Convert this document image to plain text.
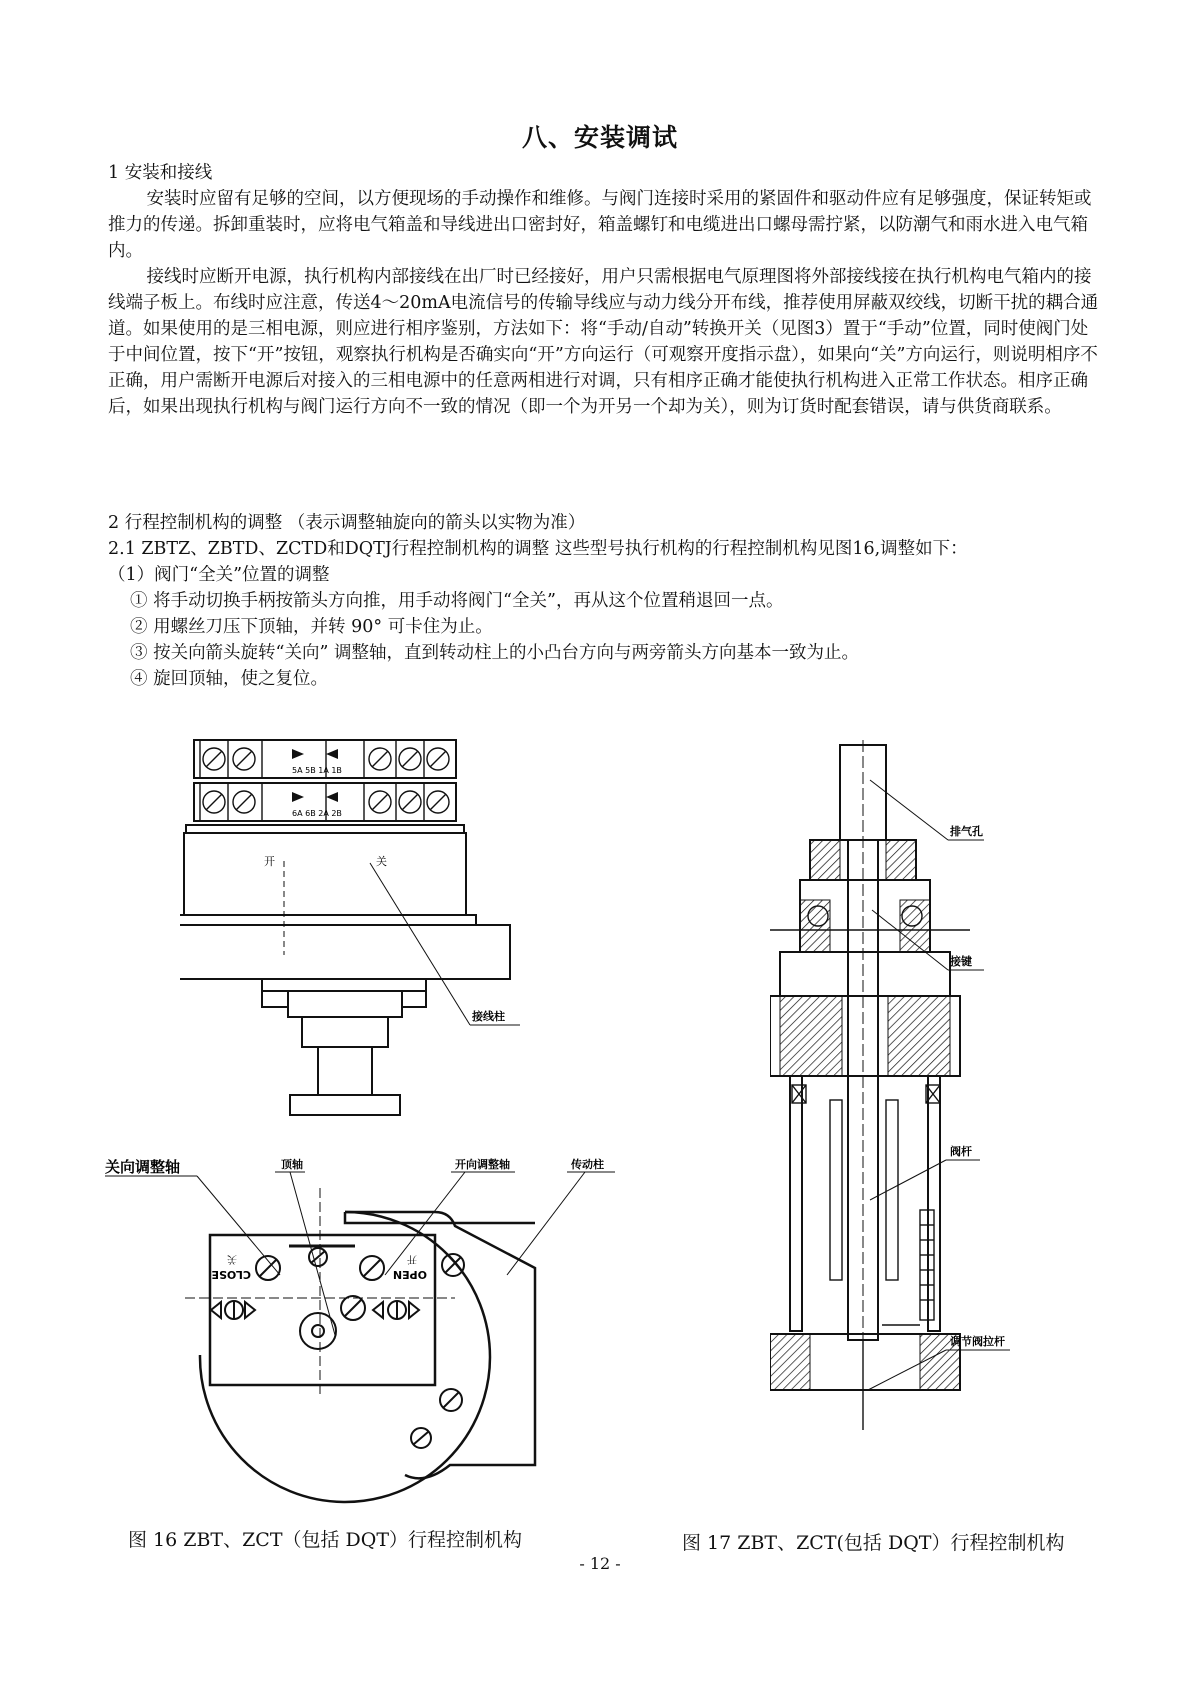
八、安装调试

1 安装和接线

安装时应留有足够的空间，以方便现场的手动操作和维修。与阀门连接时采用的紧固件和驱动件应有足够强度，保证转矩或推力的传递。拆卸重装时，应将电气箱盖和导线进出口密封好，箱盖螺钉和电缆进出口螺母需拧紧，以防潮气和雨水进入电气箱内。

接线时应断开电源，执行机构内部接线在出厂时已经接好，用户只需根据电气原理图将外部接线接在执行机构电气箱内的接线端子板上。布线时应注意，传送4～20mA电流信号的传输导线应与动力线分开布线，推荐使用屏蔽双绞线，切断干扰的耦合通道。如果使用的是三相电源，则应进行相序鉴别，方法如下：将“手动/自动”转换开关（见图3）置于“手动”位置，同时使阀门处于中间位置，按下“开”按钮，观察执行机构是否确实向“开”方向运行（可观察开度指示盘），如果向“关”方向运行，则说明相序不正确，用户需断开电源后对接入的三相电源中的任意两相进行对调，只有相序正确才能使执行机构进入正常工作状态。相序正确后，如果出现执行机构与阀门运行方向不一致的情况（即一个为开另一个却为关），则为订货时配套错误，请与供货商联系。

2 行程控制机构的调整 （表示调整轴旋向的箭头以实物为准）

2.1 ZBTZ、ZBTD、ZCTD和DQTJ行程控制机构的调整 这些型号执行机构的行程控制机构见图16,调整如下：

（1）阀门“全关”位置的调整

① 将手动切换手柄按箭头方向推，用手动将阀门“全关”，再从这个位置稍退回一点。

② 用螺丝刀压下顶轴，并转 90° 可卡住为止。

③ 按关向箭头旋转“关向” 调整轴，直到转动柱上的小凸台方向与两旁箭头方向基本一致为止。

④ 旋回顶轴，使之复位。

5A 5B 1A 1B
6A 6B 2A 2B
开	关
接线柱
关向调整轴	顶轴	开向调整轴	传动柱
CLOSE
关
OPEN
开
排气孔
接键
阀杆
调节阀拉杆
图 16 ZBT、ZCT（包括 DQT）行程控制机构	图 17 ZBT、ZCT(包括 DQT）行程控制机构
- 12 -
